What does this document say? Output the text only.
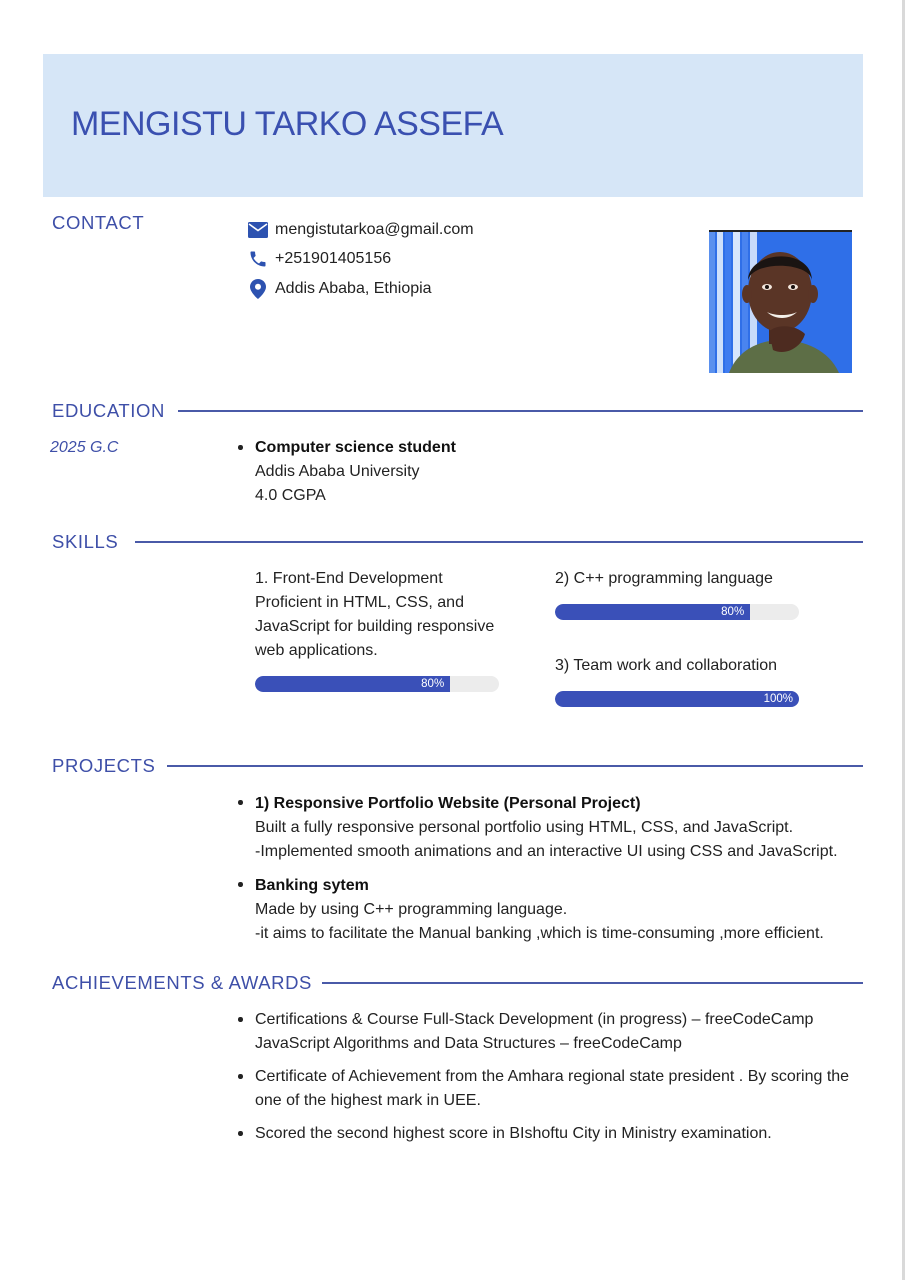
MENGISTU TARKO ASSEFA
CONTACT	mengistutarkoa@gmail.com
+251901405156
Addis Ababa, Ethiopia
EDUCATION
2025 G.C	Computer science student
Addis Ababa University
4.0 CGPA
SKILLS
1. Front-End Development
Proficient in HTML, CSS, and
JavaScript for building responsive
web applications.
80%
2) C++ programming language
80%
3) Team work and collaboration
100%
PROJECTS
1) Responsive Portfolio Website (Personal Project)
Built a fully responsive personal portfolio using HTML, CSS, and JavaScript.
-Implemented smooth animations and an interactive UI using CSS and JavaScript.
Banking sytem
Made by using C++ programming language.
-it aims to facilitate the Manual banking ,which is time-consuming ,more efficient.
ACHIEVEMENTS & AWARDS
Certifications & Course Full-Stack Development (in progress) – freeCodeCamp
JavaScript Algorithms and Data Structures – freeCodeCamp
Certificate of Achievement from the Amhara regional state president . By scoring the
one of the highest mark in UEE.
Scored the second highest score in BIshoftu City in Ministry examination.
